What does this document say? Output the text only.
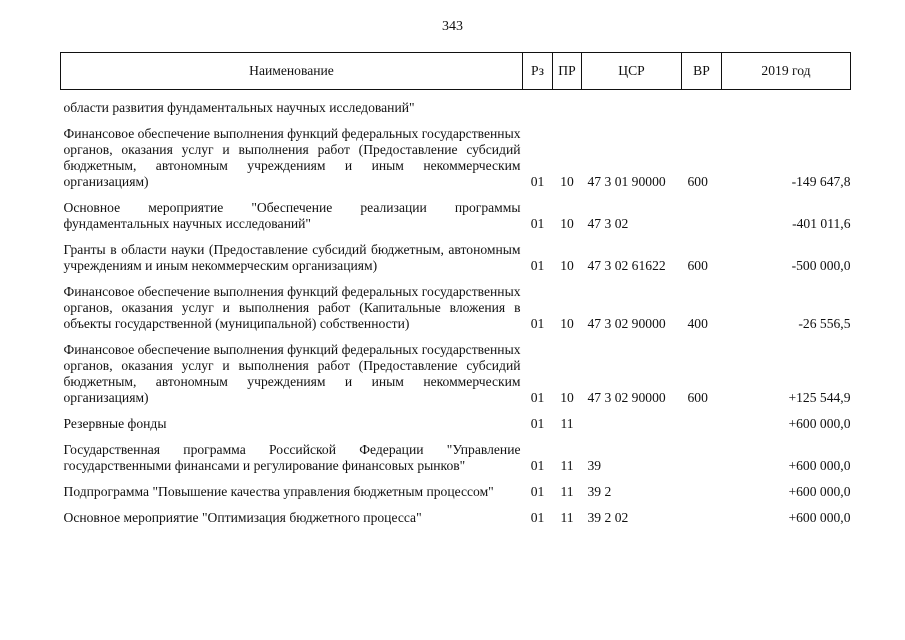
343
Наименование	Рз	ПР	ЦСР	ВР	2019 год

области развития фундаментальных научных исследований"					

Финансовое обеспечение выполнения функций федеральных государственных органов, оказания услуг и выполнения работ (Предоставление субсидий бюджетным, автономным учреждениям и иным некоммерческим организациям)	01	10	47 3 01 90000	600	-149 647,8

Основное мероприятие "Обеспечение реализации программы фундаментальных научных исследований"	01	10	47 3 02		-401 011,6

Гранты в области науки (Предоставление субсидий бюджетным, автономным учреждениям и иным некоммерческим организациям)	01	10	47 3 02 61622	600	-500 000,0

Финансовое обеспечение выполнения функций федеральных государственных органов, оказания услуг и выполнения работ (Капитальные вложения в объекты государственной (муниципальной) собственности)	01	10	47 3 02 90000	400	-26 556,5

Финансовое обеспечение выполнения функций федеральных государственных органов, оказания услуг и выполнения работ (Предоставление субсидий бюджетным, автономным учреждениям и иным некоммерческим организациям)	01	10	47 3 02 90000	600	+125 544,9

Резервные фонды	01	11			+600 000,0

Государственная программа Российской Федерации "Управление государственными финансами и регулирование финансовых рынков"	01	11	39		+600 000,0

Подпрограмма "Повышение качества управления бюджетным процессом"	01	11	39 2		+600 000,0

Основное мероприятие "Оптимизация бюджетного процесса"	01	11	39 2 02		+600 000,0
